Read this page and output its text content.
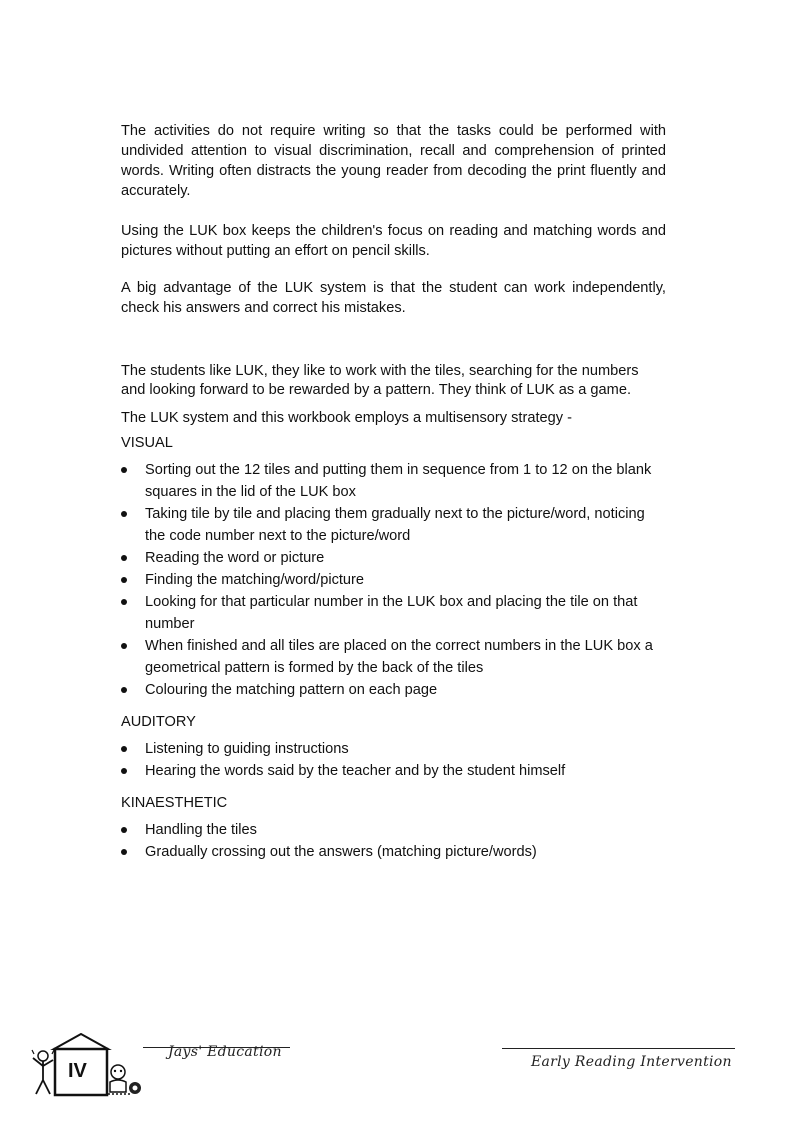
The activities do not require writing so that the tasks could be performed with undivided attention to visual discrimination, recall and comprehension of printed words. Writing often distracts the young reader from decoding the print fluently and accurately.

Using the LUK box keeps the children's focus on reading and matching words and pictures without putting an effort on pencil skills.

A big advantage of the LUK system is that the student can work independently, check his answers and correct his mistakes.

The students like LUK, they like to work with the tiles, searching for the numbers and looking forward to be rewarded by a pattern. They think of LUK as a game.

The LUK system and this workbook employs a multisensory strategy -

VISUAL

Sorting out the 12 tiles and putting them in sequence from 1 to 12 on the blank squares in the lid of the LUK box
Taking tile by tile and placing them gradually next to the picture/word, noticing the code number next to the picture/word
Reading the word or picture
Finding the matching/word/picture
Looking for that particular number in the LUK box and placing the tile on that number
When finished and all tiles are placed on the correct numbers in the LUK box a geometrical pattern is formed by the back of the tiles
Colouring the matching pattern on each page

AUDITORY

Listening to guiding instructions
Hearing the words said by the teacher and by the student himself

KINAESTHETIC

Handling the tiles
Gradually crossing out the answers (matching picture/words)
IV
Jays' Education
Early Reading Intervention
